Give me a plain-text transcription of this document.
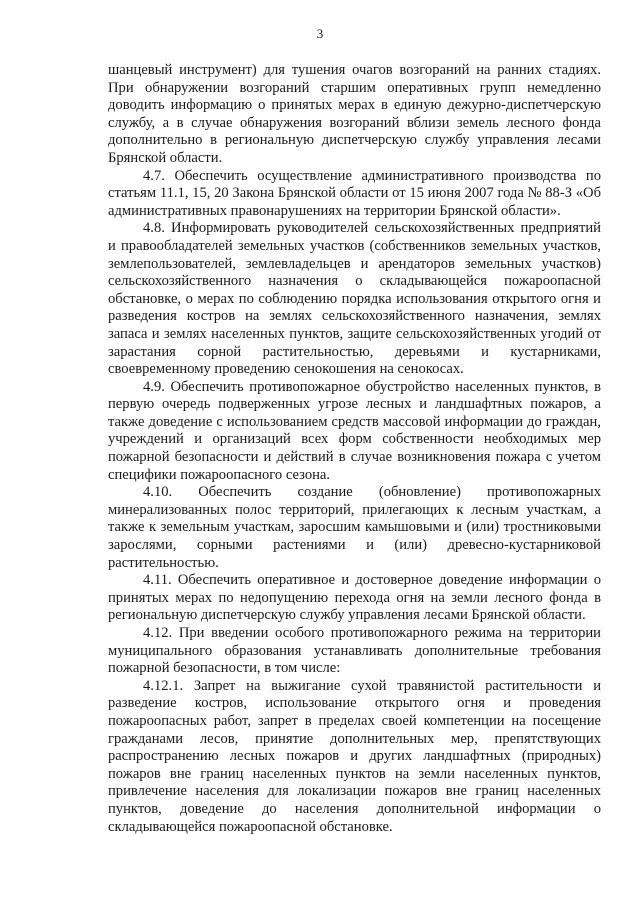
3

шанцевый инструмент) для тушения очагов возгораний на ранних стадиях. При обнаружении возгораний старшим оперативных групп немедленно доводить информацию о принятых мерах в единую дежурно-диспетчерскую службу, а в случае обнаружения возгораний вблизи земель лесного фонда дополнительно в региональную диспетчерскую службу управления лесами Брянской области.

4.7. Обеспечить осуществление административного производства по статьям 11.1, 15, 20 Закона Брянской области от 15 июня 2007 года № 88-З «Об административных правонарушениях на территории Брянской области».

4.8. Информировать руководителей сельскохозяйственных предприятий и правообладателей земельных участков (собственников земельных участков, землепользователей, землевладельцев и арендаторов земельных участков) сельскохозяйственного назначения о складывающейся пожароопасной обстановке, о мерах по соблюдению порядка использования открытого огня и разведения костров на землях сельскохозяйственного назначения, землях запаса и землях населенных пунктов, защите сельскохозяйственных угодий от зарастания сорной растительностью, деревьями и кустарниками, своевременному проведению сенокошения на сенокосах.

4.9. Обеспечить противопожарное обустройство населенных пунктов, в первую очередь подверженных угрозе лесных и ландшафтных пожаров, а также доведение с использованием средств массовой информации до граждан, учреждений и организаций всех форм собственности необходимых мер пожарной безопасности и действий в случае возникновения пожара с учетом специфики пожароопасного сезона.

4.10. Обеспечить создание (обновление) противопожарных минерализованных полос территорий, прилегающих к лесным участкам, а также к земельным участкам, заросшим камышовыми и (или) тростниковыми зарослями, сорными растениями и (или) древесно-кустарниковой растительностью.

4.11. Обеспечить оперативное и достоверное доведение информации о принятых мерах по недопущению перехода огня на земли лесного фонда в региональную диспетчерскую службу управления лесами Брянской области.

4.12. При введении особого противопожарного режима на территории муниципального образования устанавливать дополнительные требования пожарной безопасности, в том числе:

4.12.1. Запрет на выжигание сухой травянистой растительности и разведение костров, использование открытого огня и проведения пожароопасных работ, запрет в пределах своей компетенции на посещение гражданами лесов, принятие дополнительных мер, препятствующих распространению лесных пожаров и других ландшафтных (природных) пожаров вне границ населенных пунктов на земли населенных пунктов, привлечение населения для локализации пожаров вне границ населенных пунктов, доведение до населения дополнительной информации о складывающейся пожароопасной обстановке.
